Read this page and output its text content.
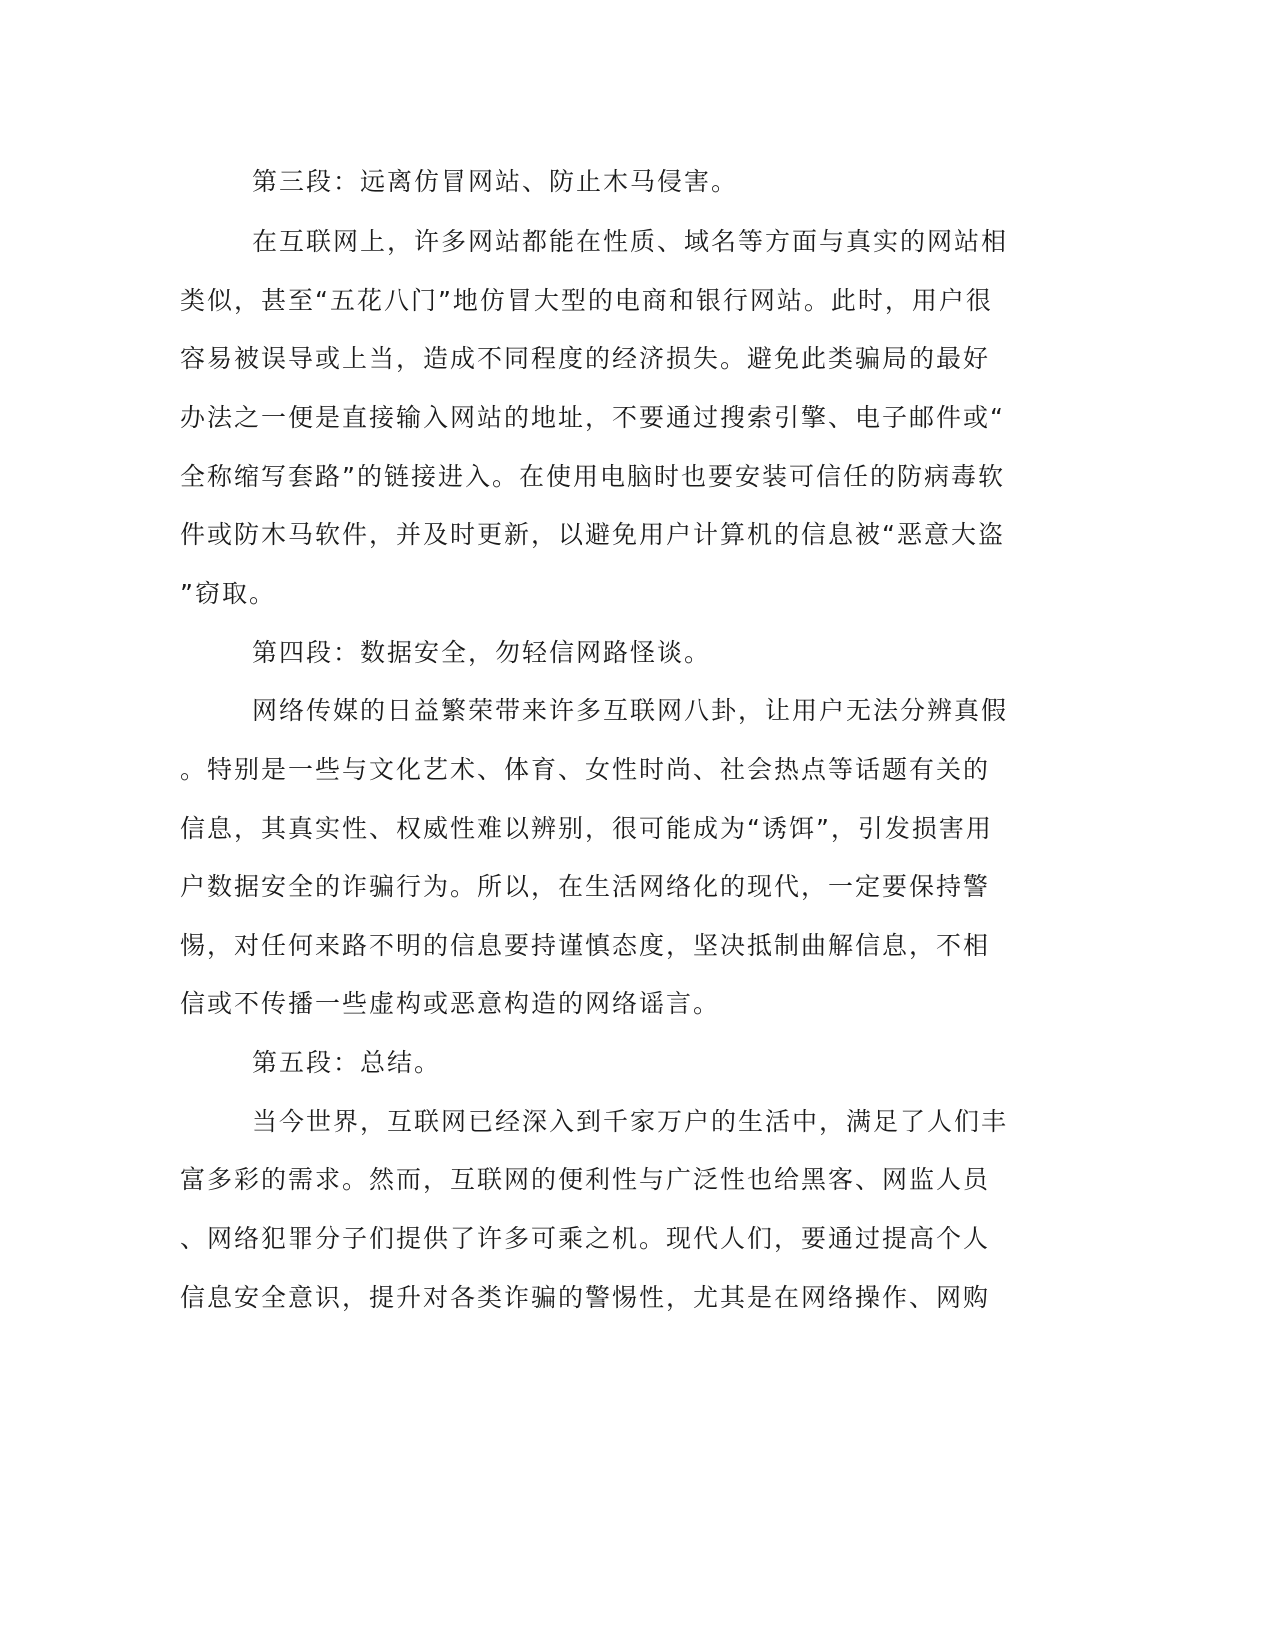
第三段：远离仿冒网站、防止木马侵害。

在互联网上，许多网站都能在性质、域名等方面与真实的网站相

类似，甚至“五花八门”地仿冒大型的电商和银行网站。此时，用户很

容易被误导或上当，造成不同程度的经济损失。避免此类骗局的最好

办法之一便是直接输入网站的地址，不要通过搜索引擎、电子邮件或“

全称缩写套路”的链接进入。在使用电脑时也要安装可信任的防病毒软

件或防木马软件，并及时更新，以避免用户计算机的信息被“恶意大盗

”窃取。

第四段：数据安全，勿轻信网路怪谈。

网络传媒的日益繁荣带来许多互联网八卦，让用户无法分辨真假

。特别是一些与文化艺术、体育、女性时尚、社会热点等话题有关的

信息，其真实性、权威性难以辨别，很可能成为“诱饵”，引发损害用

户数据安全的诈骗行为。所以，在生活网络化的现代，一定要保持警

惕，对任何来路不明的信息要持谨慎态度，坚决抵制曲解信息，不相

信或不传播一些虚构或恶意构造的网络谣言。

第五段：总结。

当今世界，互联网已经深入到千家万户的生活中，满足了人们丰

富多彩的需求。然而，互联网的便利性与广泛性也给黑客、网监人员

、网络犯罪分子们提供了许多可乘之机。现代人们，要通过提高个人

信息安全意识，提升对各类诈骗的警惕性，尤其是在网络操作、网购
